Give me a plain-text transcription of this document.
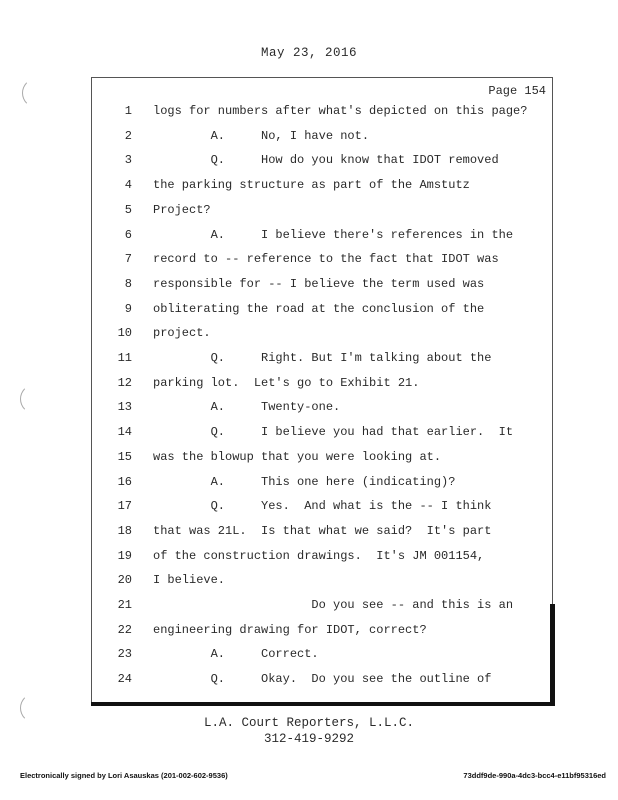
May 23, 2016
Page 154
1 logs for numbers after what's depicted on this page?
2 A.     No, I have not.
3 Q.     How do you know that IDOT removed
4 the parking structure as part of the Amstutz
5 Project?
6 A.     I believe there's references in the
7 record to -- reference to the fact that IDOT was
8 responsible for -- I believe the term used was
9 obliterating the road at the conclusion of the
10 project.
11 Q.     Right. But I'm talking about the
12 parking lot.  Let's go to Exhibit 21.
13 A.     Twenty-one.
14 Q.     I believe you had that earlier.  It
15 was the blowup that you were looking at.
16 A.     This one here (indicating)?
17 Q.     Yes.  And what is the -- I think
18 that was 21L.  Is that what we said?  It's part
19 of the construction drawings.  It's JM 001154,
20 I believe.
21 Do you see -- and this is an
22 engineering drawing for IDOT, correct?
23 A.     Correct.
24 Q.     Okay.  Do you see the outline of
L.A. Court Reporters, L.L.C.
312-419-9292
Electronically signed by Lori Asauskas (201-002-602-9536)	73ddf9de-990a-4dc3-bcc4-e11bf95316ed
